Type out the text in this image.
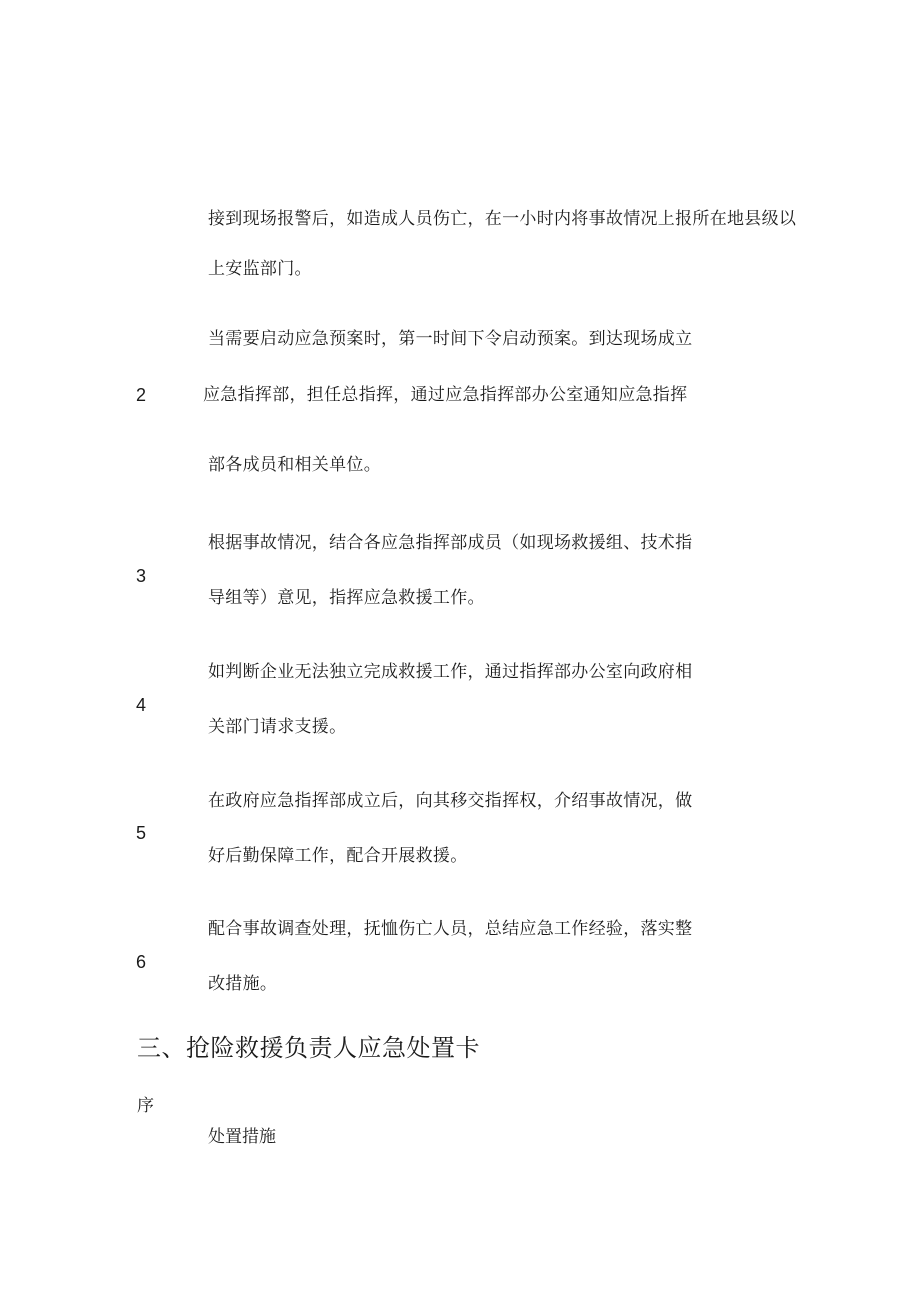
接到现场报警后，如造成人员伤亡，在一小时内将事故情况上报所在地县级以
上安监部门。
当需要启动应急预案时，第一时间下令启动预案。到达现场成立
2	应急指挥部，担任总指挥，通过应急指挥部办公室通知应急指挥
部各成员和相关单位。
根据事故情况，结合各应急指挥部成员（如现场救援组、技术指
3
导组等）意见，指挥应急救援工作。
如判断企业无法独立完成救援工作，通过指挥部办公室向政府相
4
关部门请求支援。
在政府应急指挥部成立后，向其移交指挥权，介绍事故情况，做
5
好后勤保障工作，配合开展救援。
配合事故调查处理，抚恤伤亡人员，总结应急工作经验，落实整
6
改措施。
三、抢险救援负责人应急处置卡
序
处置措施
